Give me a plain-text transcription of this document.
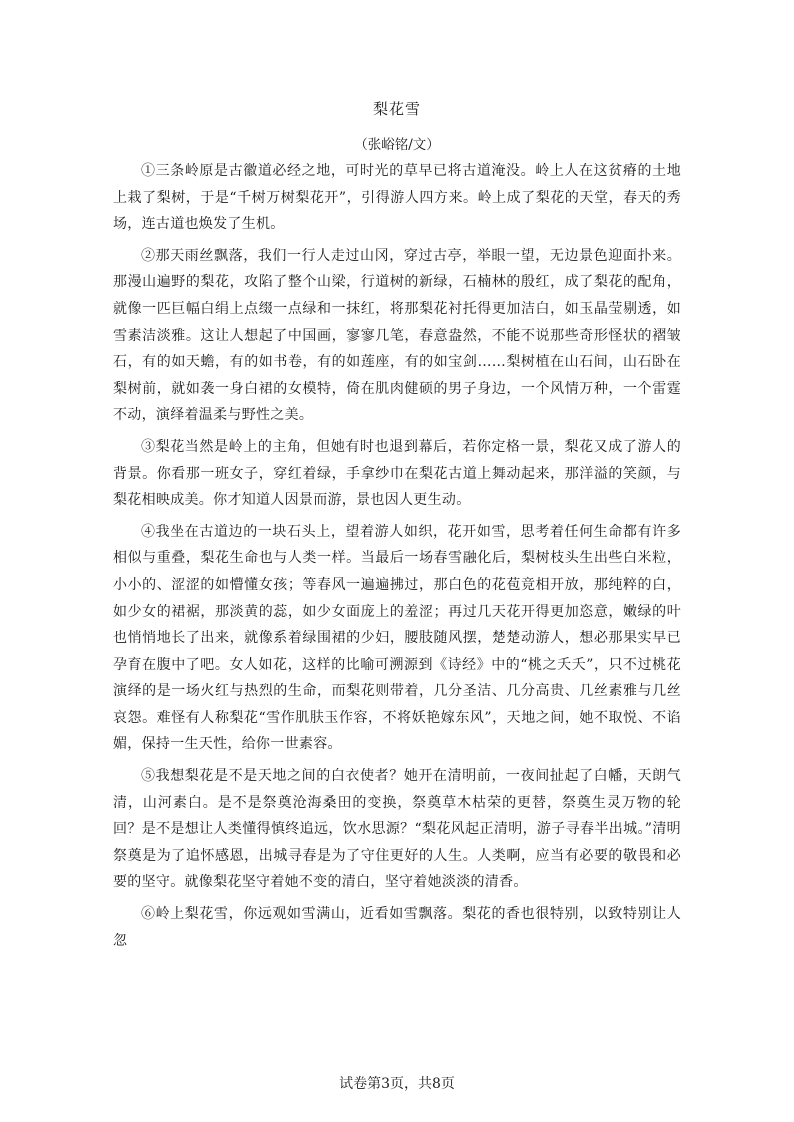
梨花雪
（张峪铭/文）

①三条岭原是古徽道必经之地，可时光的草早已将古道淹没。岭上人在这贫瘠的土地上栽了梨树，于是“千树万树梨花开”，引得游人四方来。岭上成了梨花的天堂，春天的秀场，连古道也焕发了生机。

②那天雨丝飘落，我们一行人走过山冈，穿过古亭，举眼一望，无边景色迎面扑来。那漫山遍野的梨花，攻陷了整个山梁，行道树的新绿，石楠林的殷红，成了梨花的配角，就像一匹巨幅白绢上点缀一点绿和一抹红，将那梨花衬托得更加洁白，如玉晶莹剔透，如雪素洁淡雅。这让人想起了中国画，寥寥几笔，春意盎然，不能不说那些奇形怪状的褶皱石，有的如天蟾，有的如书卷，有的如莲座，有的如宝剑……梨树植在山石间，山石卧在梨树前，就如袭一身白裙的女模特，倚在肌肉健硕的男子身边，一个风情万种，一个雷霆不动，演绎着温柔与野性之美。

③梨花当然是岭上的主角，但她有时也退到幕后，若你定格一景，梨花又成了游人的背景。你看那一班女子，穿红着绿，手拿纱巾在梨花古道上舞动起来，那洋溢的笑颜，与梨花相映成美。你才知道人因景而游，景也因人更生动。

④我坐在古道边的一块石头上，望着游人如织，花开如雪，思考着任何生命都有许多相似与重叠，梨花生命也与人类一样。当最后一场春雪融化后，梨树枝头生出些白米粒，小小的、涩涩的如懵懂女孩；等春风一遍遍拂过，那白色的花苞竞相开放，那纯粹的白，如少女的裙裾，那淡黄的蕊，如少女面庞上的羞涩；再过几天花开得更加恣意，嫩绿的叶也悄悄地长了出来，就像系着绿围裙的少妇，腰肢随风摆，楚楚动游人，想必那果实早已孕育在腹中了吧。女人如花，这样的比喻可溯源到《诗经》中的“桃之夭夭”，只不过桃花演绎的是一场火红与热烈的生命，而梨花则带着，几分圣洁、几分高贵、几丝素雅与几丝哀怨。难怪有人称梨花“雪作肌肤玉作容，不将妖艳嫁东风”，天地之间，她不取悦、不谄媚，保持一生天性，给你一世素容。

⑤我想梨花是不是天地之间的白衣使者？她开在清明前，一夜间扯起了白幡，天朗气清，山河素白。是不是祭奠沧海桑田的变换，祭奠草木枯荣的更替，祭奠生灵万物的轮回？是不是想让人类懂得慎终追远，饮水思源？“梨花风起正清明，游子寻春半出城。”清明祭奠是为了追怀感恩，出城寻春是为了守住更好的人生。人类啊，应当有必要的敬畏和必要的坚守。就像梨花坚守着她不变的清白，坚守着她淡淡的清香。

⑥岭上梨花雪，你远观如雪满山，近看如雪飘落。梨花的香也很特别，以致特别让人忽

试卷第3页，共8页
